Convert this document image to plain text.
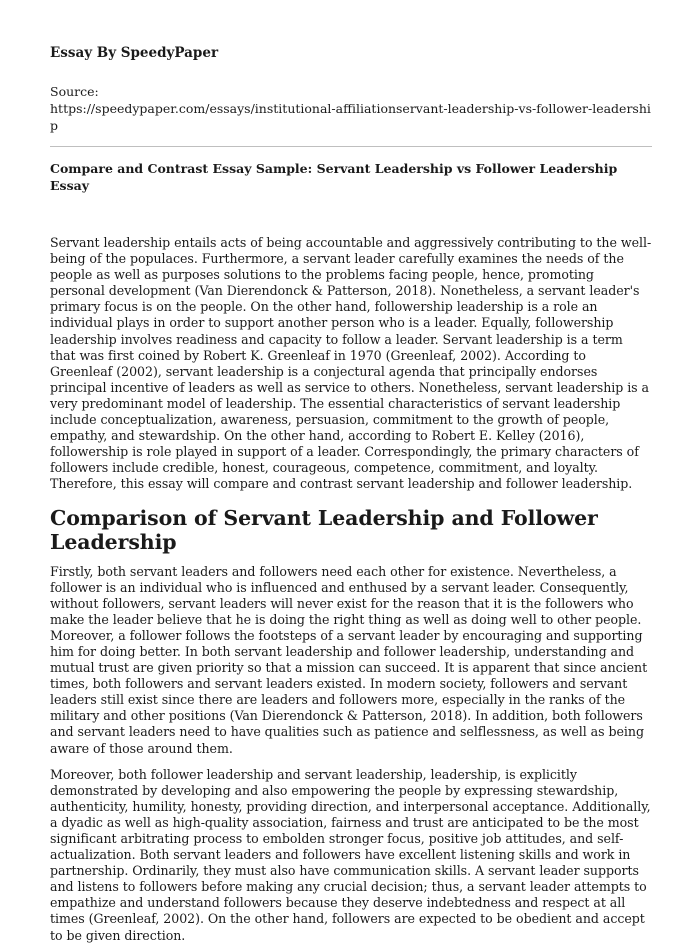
Essay By SpeedyPaper
Source:
https://speedypaper.com/essays/institutional-affiliationservant-leadership-vs-follower-leadership
Compare and Contrast Essay Sample: Servant Leadership vs Follower Leadership Essay

Servant leadership entails acts of being accountable and aggressively contributing to the well-being of the populaces. Furthermore, a servant leader carefully examines the needs of the people as well as purposes solutions to the problems facing people, hence, promoting personal development (Van Dierendonck & Patterson, 2018). Nonetheless, a servant leader's primary focus is on the people. On the other hand, followership leadership is a role an individual plays in order to support another person who is a leader. Equally, followership leadership involves readiness and capacity to follow a leader. Servant leadership is a term that was first coined by Robert K. Greenleaf in 1970 (Greenleaf, 2002). According to Greenleaf (2002), servant leadership is a conjectural agenda that principally endorses principal incentive of leaders as well as service to others. Nonetheless, servant leadership is a very predominant model of leadership. The essential characteristics of servant leadership include conceptualization, awareness, persuasion, commitment to the growth of people, empathy, and stewardship. On the other hand, according to Robert E. Kelley (2016), followership is role played in support of a leader. Correspondingly, the primary characters of followers include credible, honest, courageous, competence, commitment, and loyalty. Therefore, this essay will compare and contrast servant leadership and follower leadership.

Comparison of Servant Leadership and Follower Leadership

Firstly, both servant leaders and followers need each other for existence. Nevertheless, a follower is an individual who is influenced and enthused by a servant leader. Consequently, without followers, servant leaders will never exist for the reason that it is the followers who make the leader believe that he is doing the right thing as well as doing well to other people. Moreover, a follower follows the footsteps of a servant leader by encouraging and supporting him for doing better. In both servant leadership and follower leadership, understanding and mutual trust are given priority so that a mission can succeed. It is apparent that since ancient times, both followers and servant leaders existed. In modern society, followers and servant leaders still exist since there are leaders and followers more, especially in the ranks of the military and other positions (Van Dierendonck & Patterson, 2018). In addition, both followers and servant leaders need to have qualities such as patience and selflessness, as well as being aware of those around them.

Moreover, both follower leadership and servant leadership, leadership, is explicitly demonstrated by developing and also empowering the people by expressing stewardship, authenticity, humility, honesty, providing direction, and interpersonal acceptance. Additionally, a dyadic as well as high-quality association, fairness and trust are anticipated to be the most significant arbitrating process to embolden stronger focus, positive job attitudes, and self-actualization. Both servant leaders and followers have excellent listening skills and work in partnership. Ordinarily, they must also have communication skills. A servant leader supports and listens to followers before making any crucial decision; thus, a servant leader attempts to empathize and understand followers because they deserve indebtedness and respect at all times (Greenleaf, 2002). On the other hand, followers are expected to be obedient and accept to be given direction.
